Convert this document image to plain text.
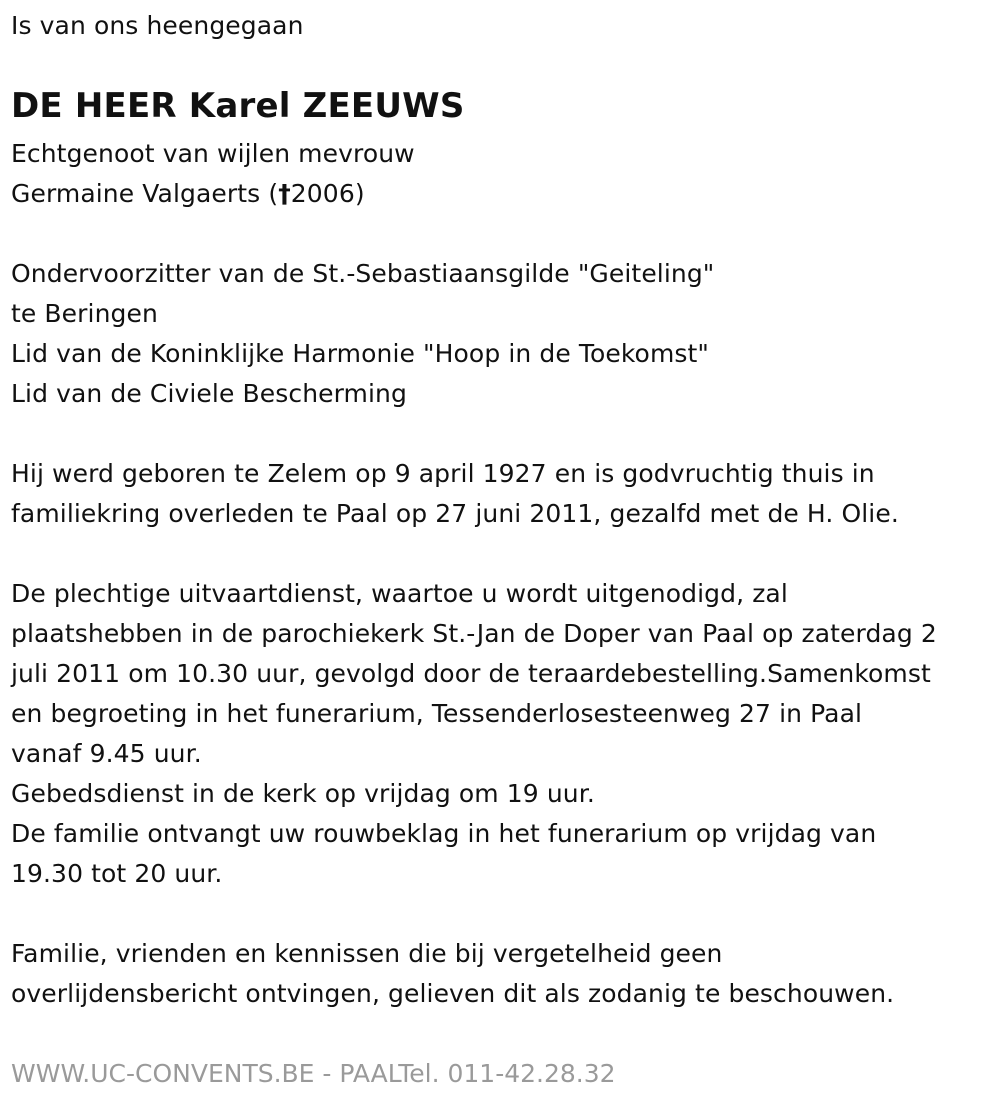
Is van ons heengegaan
DE HEER Karel ZEEUWS
Echtgenoot van wijlen mevrouw
Germaine Valgaerts (†2006)
Ondervoorzitter van de St.-Sebastiaansgilde "Geiteling"
te Beringen
Lid van de Koninklijke Harmonie "Hoop in de Toekomst"
Lid van de Civiele Bescherming
Hij werd geboren te Zelem op 9 april 1927 en is godvruchtig thuis in
familiekring overleden te Paal op 27 juni 2011, gezalfd met de H. Olie.
De plechtige uitvaartdienst, waartoe u wordt uitgenodigd, zal
plaatshebben in de parochiekerk St.-Jan de Doper van Paal op zaterdag 2
juli 2011 om 10.30 uur, gevolgd door de teraardebestelling.Samenkomst
en begroeting in het funerarium, Tessenderlosesteenweg 27 in Paal
vanaf 9.45 uur.
Gebedsdienst in de kerk op vrijdag om 19 uur.
De familie ontvangt uw rouwbeklag in het funerarium op vrijdag van
19.30 tot 20 uur.
Familie, vrienden en kennissen die bij vergetelheid geen
overlijdensbericht ontvingen, gelieven dit als zodanig te beschouwen.
WWW.UC-CONVENTS.BE - PAALTel. 011-42.28.32
